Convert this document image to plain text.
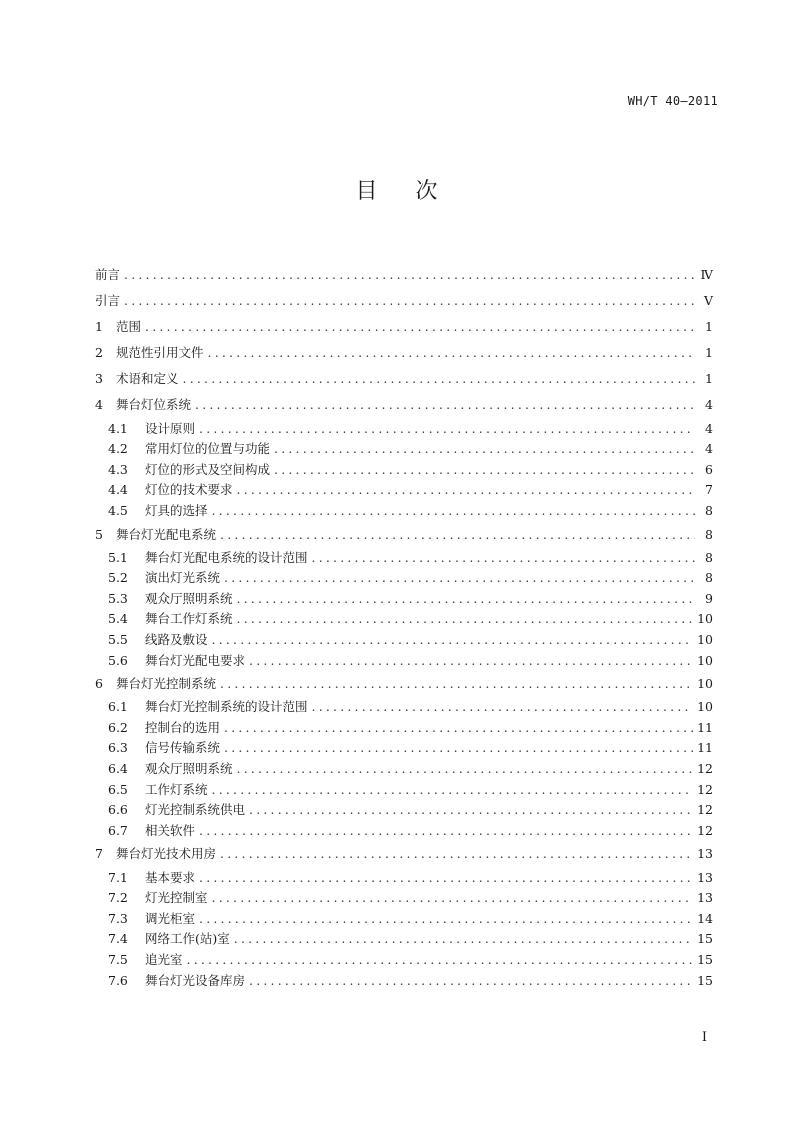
WH/T 40—2011
目次
前言 .....	Ⅳ
引言 .....	Ⅴ
1	范围 .....	1
2	规范性引用文件 .....	1
3	术语和定义 .....	1
4	舞台灯位系统 .....	4
4.1	设计原则 .....	4
4.2	常用灯位的位置与功能 .....	4
4.3	灯位的形式及空间构成 .....	6
4.4	灯位的技术要求 .....	7
4.5	灯具的选择 .....	8
5	舞台灯光配电系统 .....	8
5.1	舞台灯光配电系统的设计范围 .....	8
5.2	演出灯光系统 .....	8
5.3	观众厅照明系统 .....	9
5.4	舞台工作灯系统 .....	10
5.5	线路及敷设 .....	10
5.6	舞台灯光配电要求 .....	10
6	舞台灯光控制系统 .....	10
6.1	舞台灯光控制系统的设计范围 .....	10
6.2	控制台的选用 .....	11
6.3	信号传输系统 .....	11
6.4	观众厅照明系统 .....	12
6.5	工作灯系统 .....	12
6.6	灯光控制系统供电 .....	12
6.7	相关软件 .....	12
7	舞台灯光技术用房 .....	13
7.1	基本要求 .....	13
7.2	灯光控制室 .....	13
7.3	调光柜室 .....	14
7.4	网络工作(站)室 .....	15
7.5	追光室 .....	15
7.6	舞台灯光设备库房 .....	15
Ⅰ
